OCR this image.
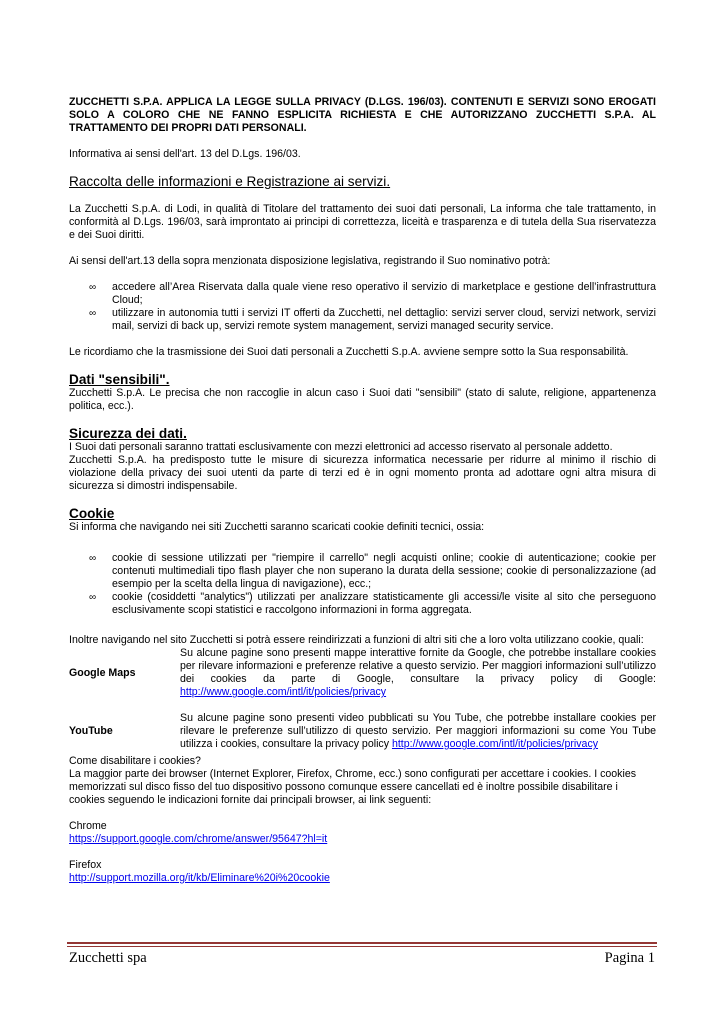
ZUCCHETTI S.P.A. APPLICA LA LEGGE SULLA PRIVACY (D.LGS. 196/03). CONTENUTI E SERVIZI SONO EROGATI SOLO A COLORO CHE NE FANNO ESPLICITA RICHIESTA E CHE AUTORIZZANO ZUCCHETTI S.P.A. AL TRATTAMENTO DEI PROPRI DATI PERSONALI.

Informativa ai sensi dell'art. 13 del D.Lgs. 196/03.

Raccolta delle informazioni e Registrazione ai servizi.

La Zucchetti S.p.A. di Lodi, in qualità di Titolare del trattamento dei suoi dati personali, La informa che tale trattamento, in conformità al D.Lgs. 196/03, sarà improntato ai principi di correttezza, liceità e trasparenza e di tutela della Sua riservatezza e dei Suoi diritti.

Ai sensi dell'art.13 della sopra menzionata disposizione legislativa, registrando il Suo nominativo potrà:

∞ accedere all’Area Riservata dalla quale viene reso operativo il servizio di marketplace e gestione dell’infrastruttura Cloud;
∞ utilizzare in autonomia tutti i servizi IT offerti da Zucchetti, nel dettaglio: servizi server cloud, servizi network, servizi mail, servizi di back up, servizi remote system management, servizi managed security service.

Le ricordiamo che la trasmissione dei Suoi dati personali a Zucchetti S.p.A. avviene sempre sotto la Sua responsabilità.

Dati "sensibili".

Zucchetti S.p.A. Le precisa che non raccoglie in alcun caso i Suoi dati "sensibili" (stato di salute, religione, appartenenza politica, ecc.).

Sicurezza dei dati.

I Suoi dati personali saranno trattati esclusivamente con mezzi elettronici ad accesso riservato al personale addetto.

Zucchetti S.p.A. ha predisposto tutte le misure di sicurezza informatica necessarie per ridurre al minimo il rischio di violazione della privacy dei suoi utenti da parte di terzi ed è in ogni momento pronta ad adottare ogni altra misura di sicurezza si dimostri indispensabile.

Cookie

Si informa che navigando nei siti Zucchetti saranno scaricati cookie definiti tecnici, ossia:

∞ cookie di sessione utilizzati per "riempire il carrello" negli acquisti online; cookie di autenticazione; cookie per contenuti multimediali tipo flash player che non superano la durata della sessione; cookie di personalizzazione (ad esempio per la scelta della lingua di navigazione), ecc.;
∞ cookie (cosiddetti "analytics") utilizzati per analizzare statisticamente gli accessi/le visite al sito che perseguono esclusivamente scopi statistici e raccolgono informazioni in forma aggregata.

Inoltre navigando nel sito Zucchetti si potrà essere reindirizzati a funzioni di altri siti che a loro volta utilizzano cookie, quali:

Google Maps	Su alcune pagine sono presenti mappe interattive fornite da Google, che potrebbe installare cookies per rilevare informazioni e preferenze relative a questo servizio. Per maggiori informazioni sull’utilizzo dei cookies da parte di Google, consultare la privacy policy di Google: http://www.google.com/intl/it/policies/privacy

YouTube	Su alcune pagine sono presenti video pubblicati su You Tube, che potrebbe installare cookies per rilevare le preferenze sull’utilizzo di questo servizio. Per maggiori informazioni su come You Tube utilizza i cookies, consultare la privacy policy http://www.google.com/intl/it/policies/privacy

Come disabilitare i cookies?

La maggior parte dei browser (Internet Explorer, Firefox, Chrome, ecc.) sono configurati per accettare i cookies. I cookies memorizzati sul disco fisso del tuo dispositivo possono comunque essere cancellati ed è inoltre possibile disabilitare i cookies seguendo le indicazioni fornite dai principali browser, ai link seguenti:

Chrome

https://support.google.com/chrome/answer/95647?hl=it

Firefox

http://support.mozilla.org/it/kb/Eliminare%20i%20cookie

Zucchetti spa	Pagina 1
